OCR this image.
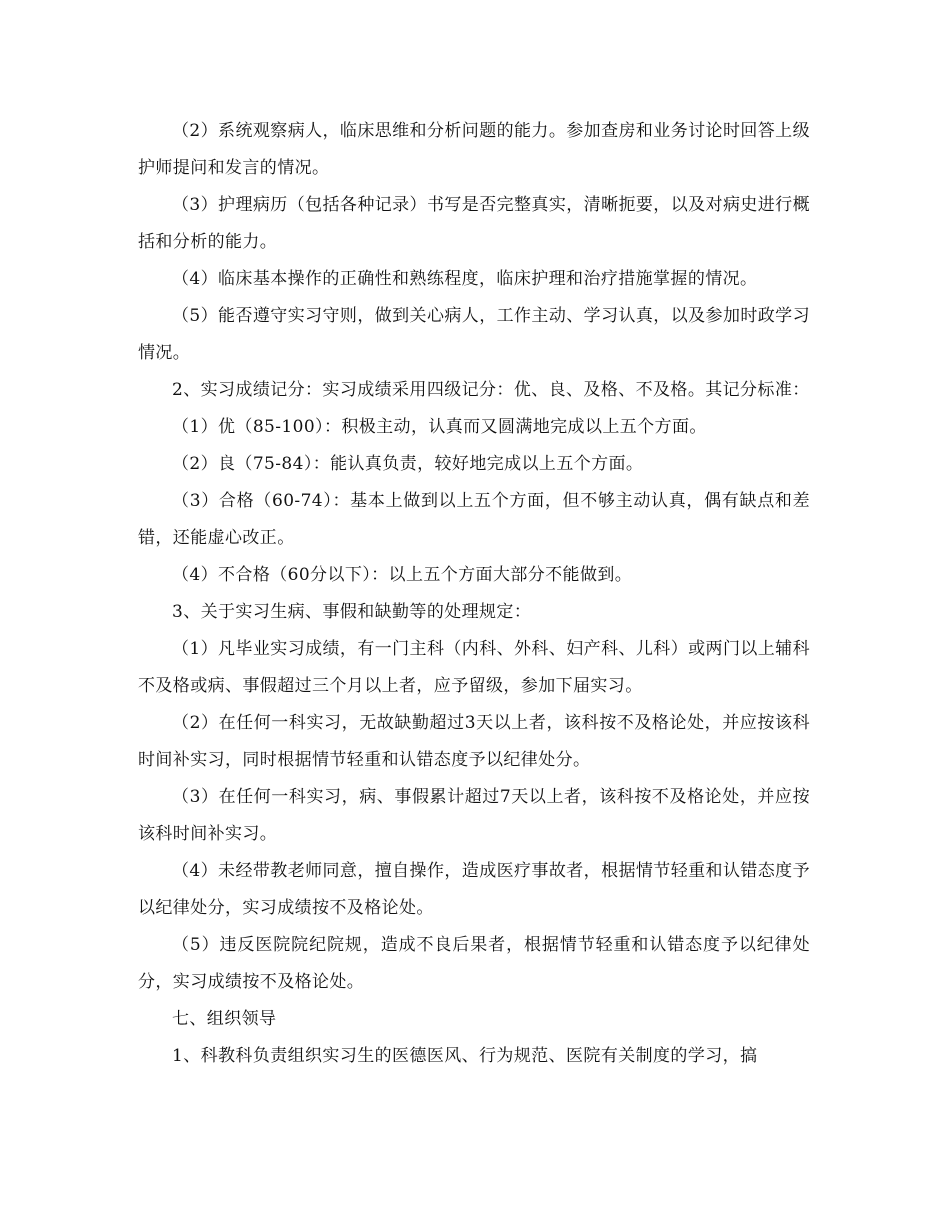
（2）系统观察病人，临床思维和分析问题的能力。参加查房和业务讨论时回答上级护师提问和发言的情况。

（3）护理病历（包括各种记录）书写是否完整真实，清晰扼要，以及对病史进行概括和分析的能力。

（4）临床基本操作的正确性和熟练程度，临床护理和治疗措施掌握的情况。

（5）能否遵守实习守则，做到关心病人，工作主动、学习认真，以及参加时政学习情况。

2、实习成绩记分：实习成绩采用四级记分：优、良、及格、不及格。其记分标准：

（1）优（85-100）：积极主动，认真而又圆满地完成以上五个方面。

（2）良（75-84）：能认真负责，较好地完成以上五个方面。

（3）合格（60-74）：基本上做到以上五个方面，但不够主动认真，偶有缺点和差错，还能虚心改正。

（4）不合格（60分以下）：以上五个方面大部分不能做到。

3、关于实习生病、事假和缺勤等的处理规定：

（1）凡毕业实习成绩，有一门主科（内科、外科、妇产科、儿科）或两门以上辅科不及格或病、事假超过三个月以上者，应予留级，参加下届实习。

（2）在任何一科实习，无故缺勤超过3天以上者，该科按不及格论处，并应按该科时间补实习，同时根据情节轻重和认错态度予以纪律处分。

（3）在任何一科实习，病、事假累计超过7天以上者，该科按不及格论处，并应按该科时间补实习。

（4）未经带教老师同意，擅自操作，造成医疗事故者，根据情节轻重和认错态度予以纪律处分，实习成绩按不及格论处。

（5）违反医院院纪院规，造成不良后果者，根据情节轻重和认错态度予以纪律处分，实习成绩按不及格论处。

七、组织领导

1、科教科负责组织实习生的医德医风、行为规范、医院有关制度的学习，搞
